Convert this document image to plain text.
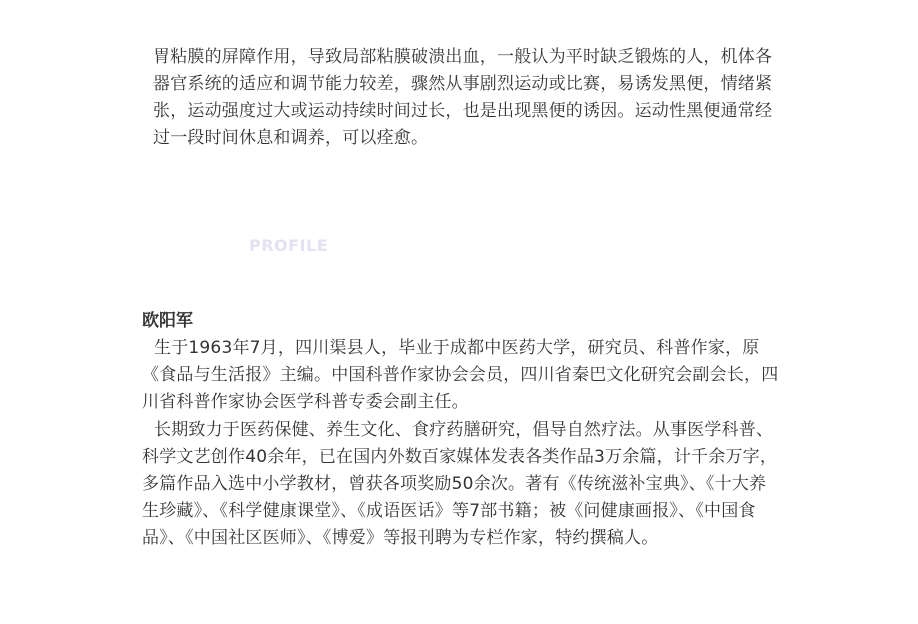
胃粘膜的屏障作用，导致局部粘膜破溃出血，一般认为平时缺乏锻炼的人，机体各器官系统的适应和调节能力较差，骤然从事剧烈运动或比赛，易诱发黑便，情绪紧张，运动强度过大或运动持续时间过长，也是出现黑便的诱因。运动性黑便通常经过一段时间休息和调养，可以痊愈。

PROFILE

欧阳军

生于1963年7月，四川渠县人，毕业于成都中医药大学，研究员、科普作家，原《食品与生活报》主编。中国科普作家协会会员，四川省秦巴文化研究会副会长，四川省科普作家协会医学科普专委会副主任。

长期致力于医药保健、养生文化、食疗药膳研究，倡导自然疗法。从事医学科普、科学文艺创作40余年，已在国内外数百家媒体发表各类作品3万余篇，计千余万字，多篇作品入选中小学教材，曾获各项奖励50余次。著有《传统滋补宝典》、《十大养生珍藏》、《科学健康课堂》、《成语医话》等7部书籍；被《问健康画报》、《中国食品》、《中国社区医师》、《博爱》等报刊聘为专栏作家，特约撰稿人。
